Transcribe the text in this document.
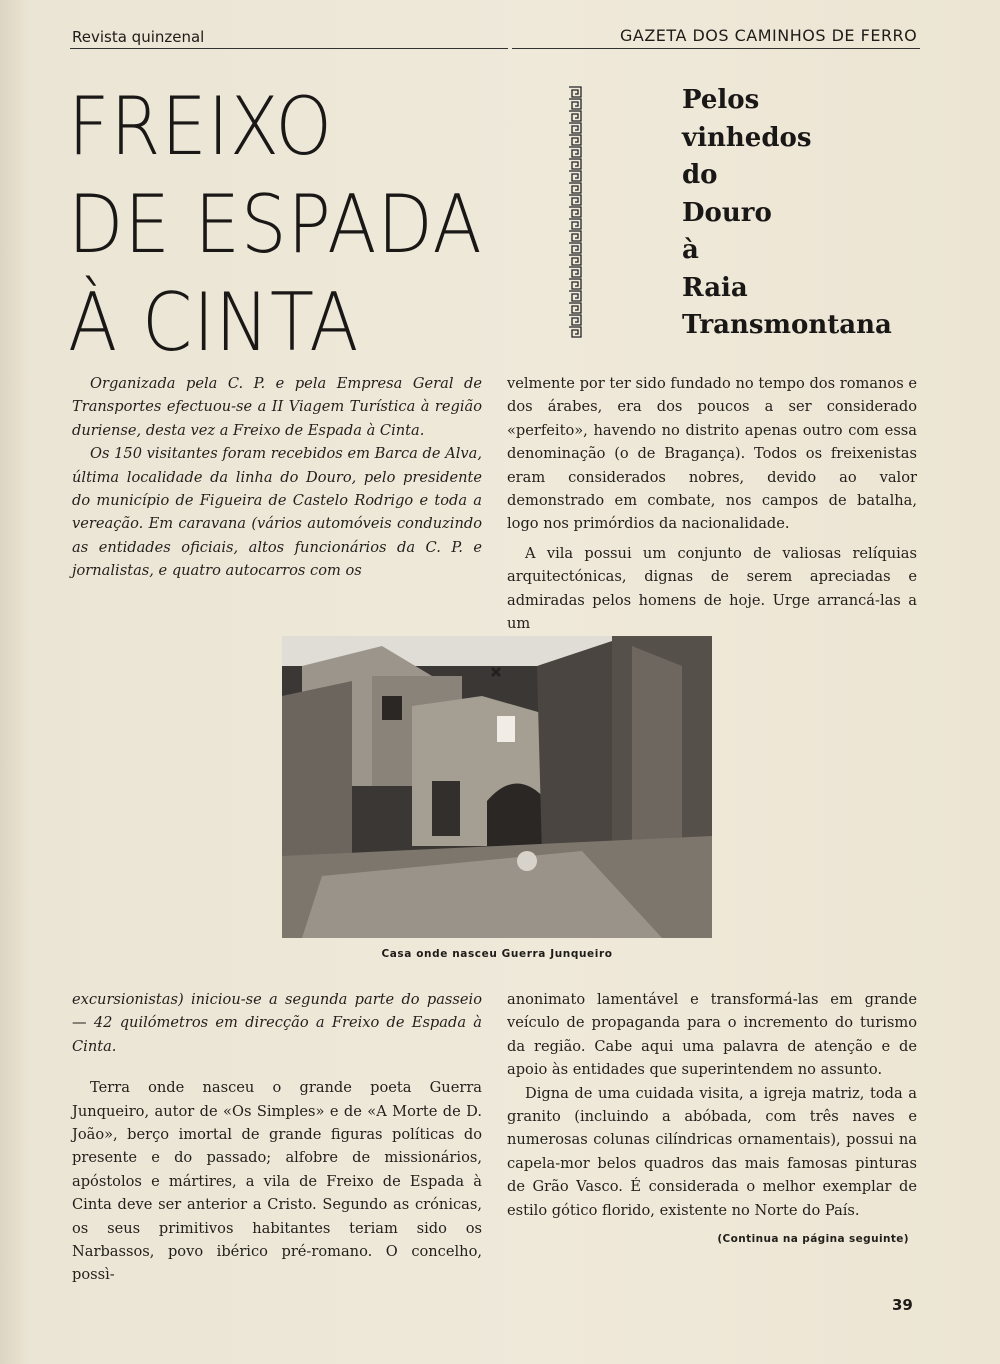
Revista quinzenal	GAZETA DOS CAMINHOS DE FERRO
FREIXO
DE ESPADA
À CINTA
Pelos
vinhedos
do
Douro
à
Raia
Transmontana

Organizada pela C. P. e pela Empresa Geral de Transportes efectuou-se a II Viagem Turística à região duriense, desta vez a Freixo de Espada à Cinta.

Os 150 visitantes foram recebidos em Barca de Alva, última localidade da linha do Douro, pelo presidente do município de Figueira de Castelo Rodrigo e toda a vereação. Em caravana (vários automóveis conduzindo as entidades oficiais, altos funcionários da C. P. e jornalistas, e quatro autocarros com os

velmente por ter sido fundado no tempo dos romanos e dos árabes, era dos poucos a ser considerado «perfeito», havendo no distrito apenas outro com essa denominação (o de Bragança). Todos os freixenistas eram considerados nobres, devido ao valor demonstrado em combate, nos campos de batalha, logo nos primórdios da nacionalidade.

A vila possui um conjunto de valiosas relíquias arquitectónicas, dignas de serem apreciadas e admiradas pelos homens de hoje. Urge arrancá-las a um

Casa onde nasceu Guerra Junqueiro

excursionistas) iniciou-se a segunda parte do passeio — 42 quilómetros em direcção a Freixo de Espada à Cinta.

Terra onde nasceu o grande poeta Guerra Junqueiro, autor de «Os Simples» e de «A Morte de D. João», berço imortal de grande figuras políticas do presente e do passado; alfobre de missionários, apóstolos e mártires, a vila de Freixo de Espada à Cinta deve ser anterior a Cristo. Segundo as crónicas, os seus primitivos habitantes teriam sido os Narbassos, povo ibérico pré-romano. O concelho, possì-

anonimato lamentável e transformá-las em grande veículo de propaganda para o incremento do turismo da região. Cabe aqui uma palavra de atenção e de apoio às entidades que superintendem no assunto.

Digna de uma cuidada visita, a igreja matriz, toda a granito (incluindo a abóbada, com três naves e numerosas colunas cilíndricas ornamentais), possui na capela-mor belos quadros das mais famosas pinturas de Grão Vasco. É considerada o melhor exemplar de estilo gótico florido, existente no Norte do País.

(Continua na página seguinte)

39
